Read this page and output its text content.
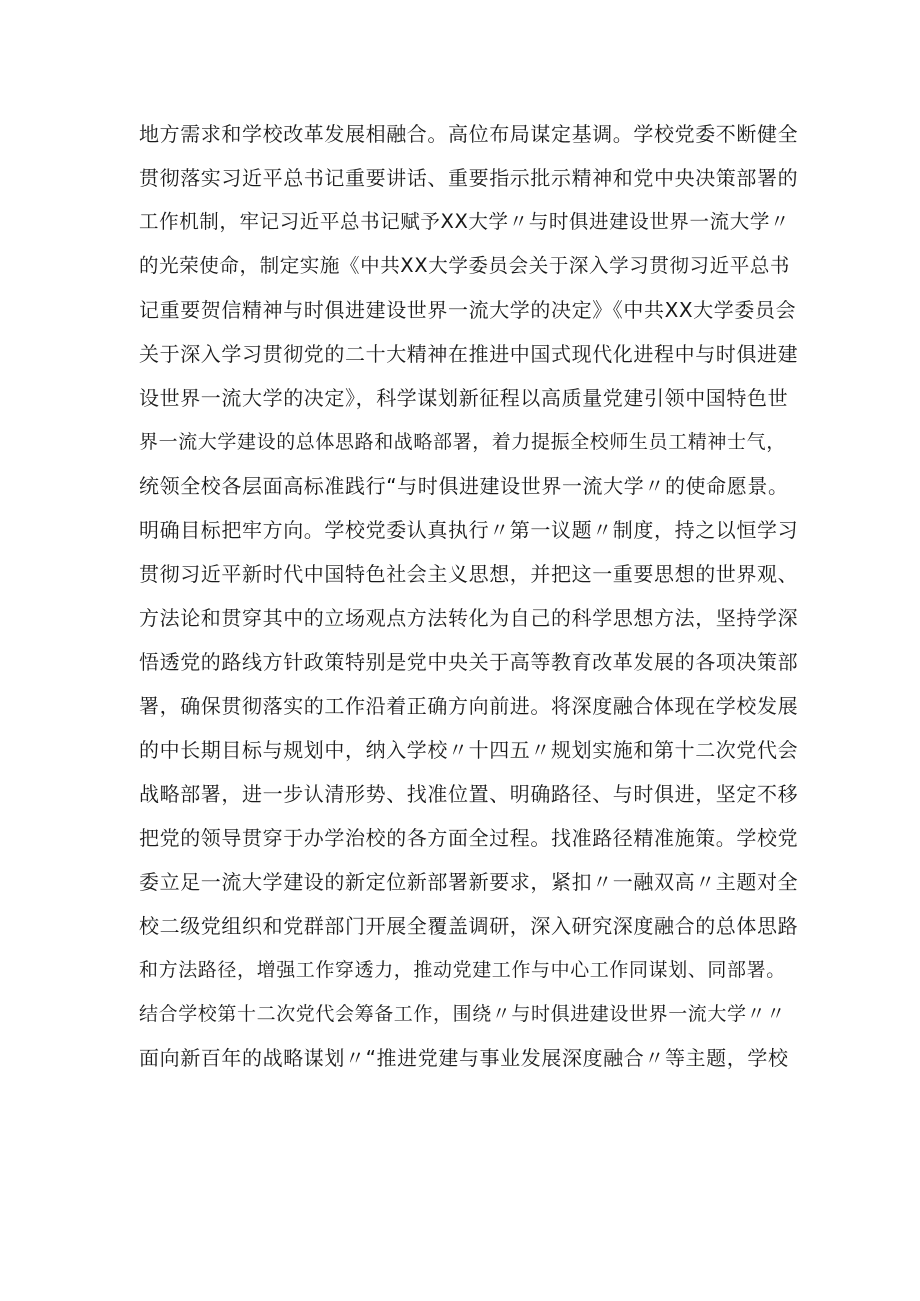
地方需求和学校改革发展相融合。高位布局谋定基调。学校党委不断健全
贯彻落实习近平总书记重要讲话、重要指示批示精神和党中央决策部署的
工作机制，牢记习近平总书记赋予XX大学〃与时俱进建设世界一流大学〃
的光荣使命，制定实施《中共XX大学委员会关于深入学习贯彻习近平总书
记重要贺信精神与时俱进建设世界一流大学的决定》《中共XX大学委员会
关于深入学习贯彻党的二十大精神在推进中国式现代化进程中与时俱进建
设世界一流大学的决定》，科学谋划新征程以高质量党建引领中国特色世
界一流大学建设的总体思路和战略部署，着力提振全校师生员工精神士气，
统领全校各层面高标准践行“与时俱进建设世界一流大学〃的使命愿景。
明确目标把牢方向。学校党委认真执行〃第一议题〃制度，持之以恒学习
贯彻习近平新时代中国特色社会主义思想，并把这一重要思想的世界观、
方法论和贯穿其中的立场观点方法转化为自己的科学思想方法，坚持学深
悟透党的路线方针政策特别是党中央关于高等教育改革发展的各项决策部
署，确保贯彻落实的工作沿着正确方向前进。将深度融合体现在学校发展
的中长期目标与规划中，纳入学校〃十四五〃规划实施和第十二次党代会
战略部署，进一步认清形势、找准位置、明确路径、与时俱进，坚定不移
把党的领导贯穿于办学治校的各方面全过程。找准路径精准施策。学校党
委立足一流大学建设的新定位新部署新要求，紧扣〃一融双高〃主题对全
校二级党组织和党群部门开展全覆盖调研，深入研究深度融合的总体思路
和方法路径，增强工作穿透力，推动党建工作与中心工作同谋划、同部署。
结合学校第十二次党代会筹备工作，围绕〃与时俱进建设世界一流大学〃〃
面向新百年的战略谋划〃“推进党建与事业发展深度融合〃等主题，学校
